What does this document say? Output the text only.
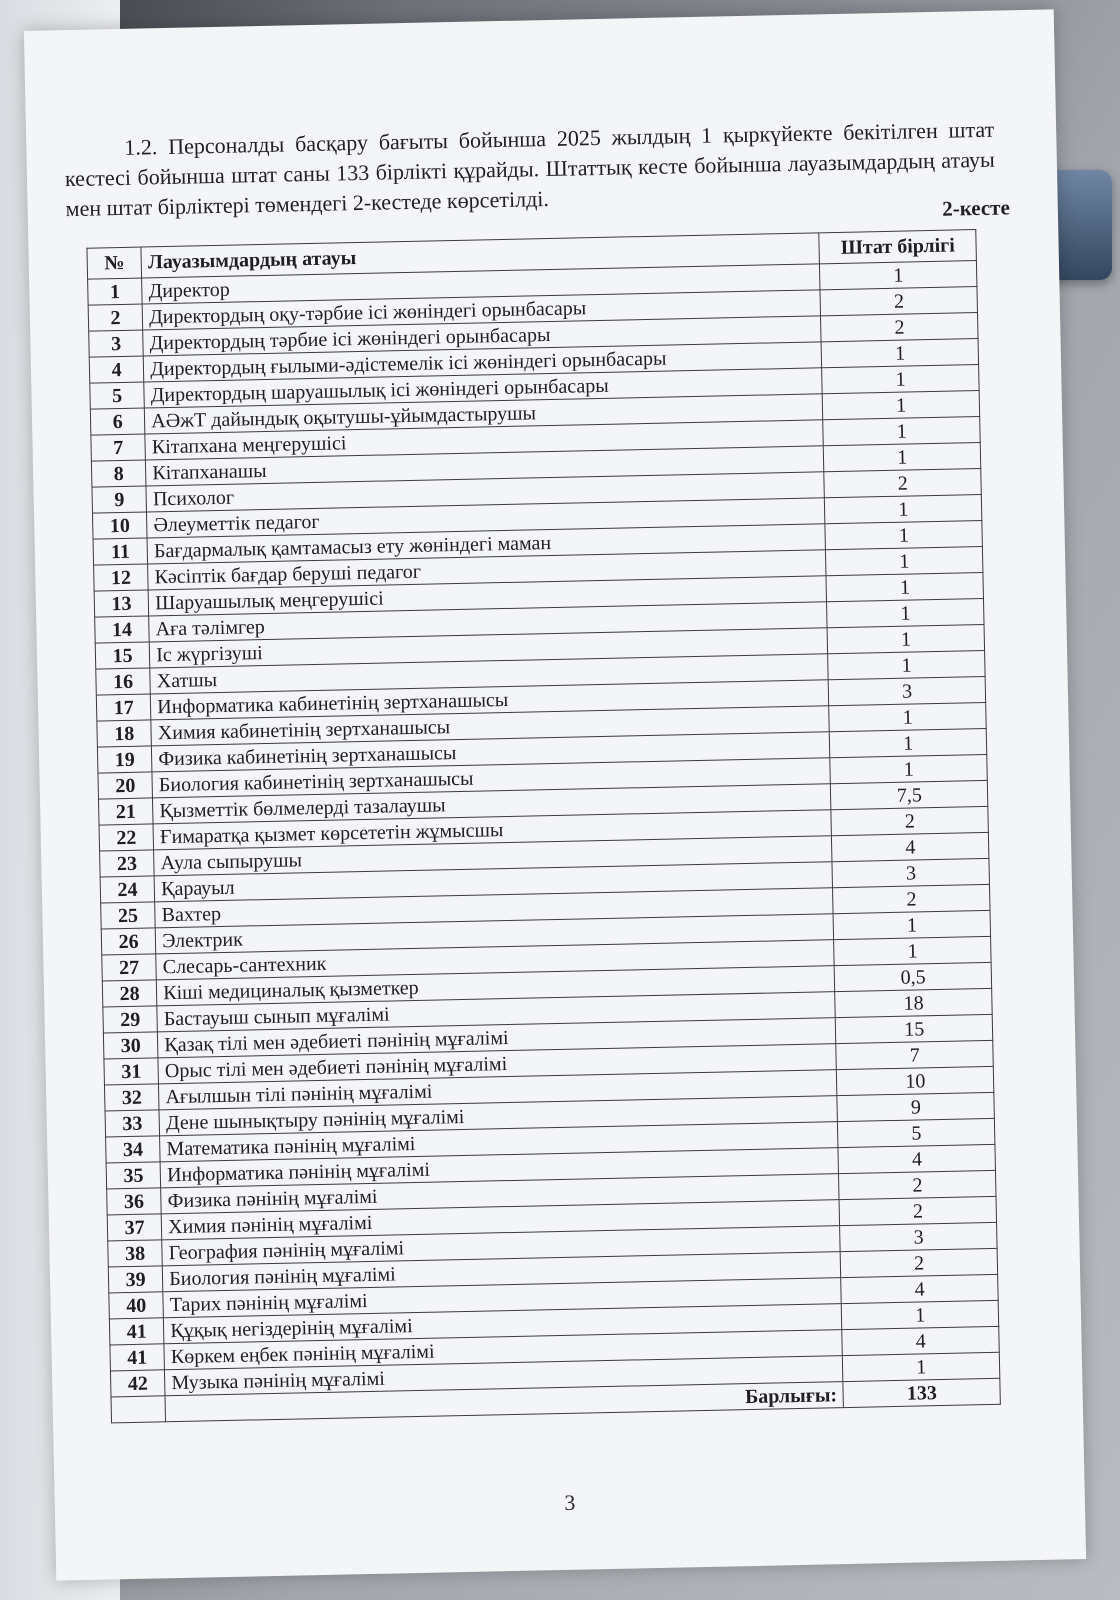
1.2. Персоналды басқару бағыты бойынша 2025 жылдың 1 қыркүйекте бекітілген штат кестесі бойынша штат саны 133 бірлікті құрайды. Штаттық кесте бойынша лауазымдардың атауы мен штат бірліктері төмендегі 2-кестеде көрсетілді.	2-кесте
№	Лауазымдардың атауы	Штат бірлігі
1	Директор	1
2	Директордың оқу-тәрбие ісі жөніндегі орынбасары	2
3	Директордың тәрбие ісі жөніндегі орынбасары	2
4	Директордың ғылыми-әдістемелік ісі жөніндегі орынбасары	1
5	Директордың шаруашылық ісі жөніндегі орынбасары	1
6	АӘжТ дайындық оқытушы-ұйымдастырушы	1
7	Кітапхана меңгерушісі	1
8	Кітапханашы	1
9	Психолог	2
10	Әлеуметтік педагог	1
11	Бағдармалық қамтамасыз ету жөніндегі маман	1
12	Кәсіптік бағдар беруші педагог	1
13	Шаруашылық меңгерушісі	1
14	Аға тәлімгер	1
15	Іс жүргізуші	1
16	Хатшы	1
17	Информатика кабинетінің зертханашысы	3
18	Химия кабинетінің зертханашысы	1
19	Физика кабинетінің зертханашысы	1
20	Биология кабинетінің зертханашысы	1
21	Қызметтік бөлмелерді тазалаушы	7,5
22	Ғимаратқа қызмет көрсететін жұмысшы	2
23	Аула сыпырушы	4
24	Қарауыл	3
25	Вахтер	2
26	Электрик	1
27	Слесарь-сантехник	1
28	Кіші медициналық қызметкер	0,5
29	Бастауыш сынып мұғалімі	18
30	Қазақ тілі мен әдебиеті пәнінің мұғалімі	15
31	Орыс тілі мен әдебиеті пәнінің мұғалімі	7
32	Ағылшын тілі пәнінің мұғалімі	10
33	Дене шынықтыру пәнінің мұғалімі	9
34	Математика пәнінің мұғалімі	5
35	Информатика пәнінің мұғалімі	4
36	Физика пәнінің мұғалімі	2
37	Химия пәнінің мұғалімі	2
38	География пәнінің мұғалімі	3
39	Биология пәнінің мұғалімі	2
40	Тарих пәнінің мұғалімі	4
41	Құқық негіздерінің мұғалімі	1
41	Көркем еңбек пәнінің мұғалімі	4
42	Музыка пәнінің мұғалімі	1
	Барлығы:	133
3
